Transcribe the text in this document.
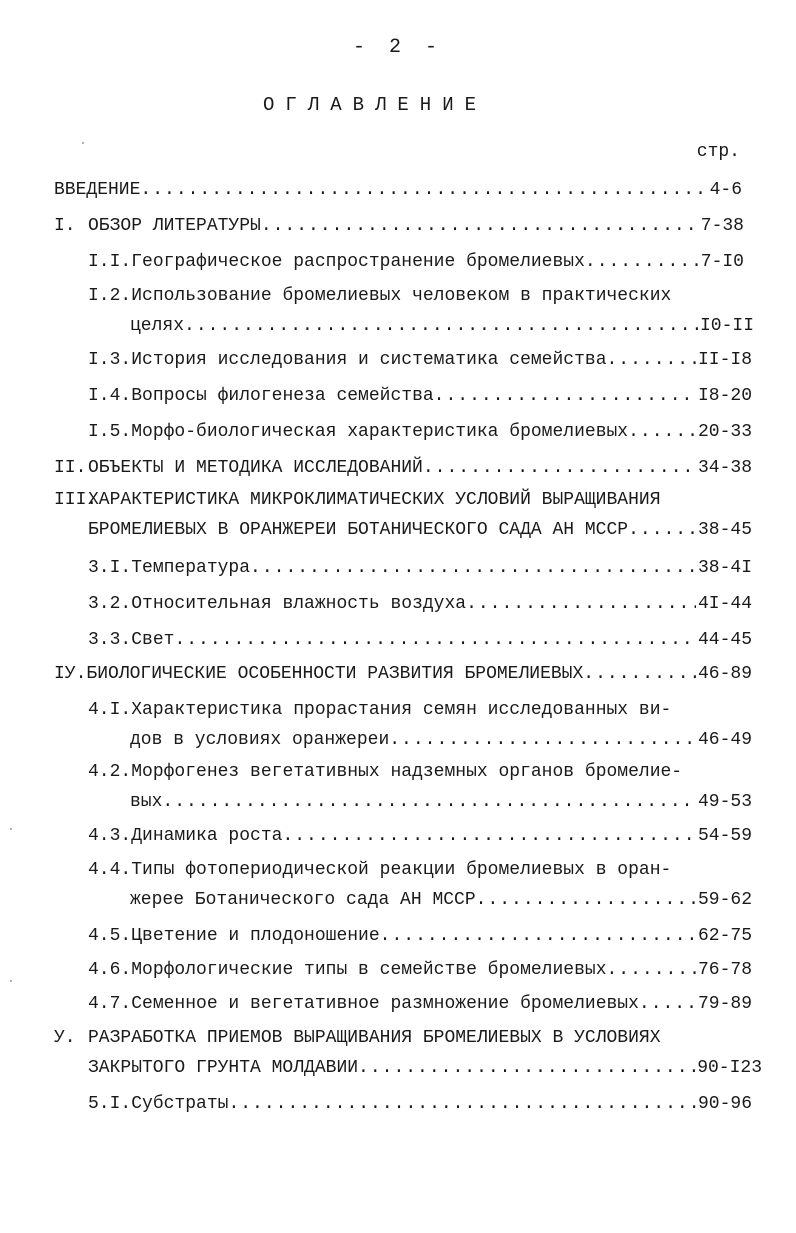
- 2 -
ОГЛАВЛЕНИЕ
стр.
ВВЕДЕНИЕ .....	4-6
I. ОБЗОР ЛИТЕРАТУРЫ .....	7-38
I.I. Географическое распространение бромелиевых .....	7-I0
I.2.Использование бромелиевых человеком в практических
целях .....	I0-II
I.3. История исследования и систематика семейства .....	II-I8
I.4. Вопросы филогенеза семейства .....	I8-20
I.5. Морфо-биологическая характеристика бромелиевых .....	20-33
II. ОБЪЕКТЫ И МЕТОДИКА ИССЛЕДОВАНИЙ .....	34-38
III.ХАРАКТЕРИСТИКА МИКРОКЛИМАТИЧЕСКИХ УСЛОВИЙ ВЫРАЩИВАНИЯ
БРОМЕЛИЕВЫХ В ОРАНЖЕРЕИ БОТАНИЧЕСКОГО САДА АН МССР .....	38-45
3.I. Температура .....	38-4I
3.2. Относительная влажность воздуха .....	4I-44
3.3. Свет .....	44-45
IУ. БИОЛОГИЧЕСКИЕ ОСОБЕННОСТИ РАЗВИТИЯ БРОМЕЛИЕВЫХ .....	46-89
4.I.Характеристика прорастания семян исследованных ви-
дов в условиях оранжереи .....	46-49
4.2.Морфогенез вегетативных надземных органов бромелие-
вых .....	49-53
4.3. Динамика роста .....	54-59
4.4.Типы фотопериодической реакции бромелиевых в оран-
жерее Ботанического сада АН МССР .....	59-62
4.5. Цветение и плодоношение .....	62-75
4.6. Морфологические типы в семействе бромелиевых .....	76-78
4.7. Семенное и вегетативное размножение бромелиевых .....	79-89
У. РАЗРАБОТКА ПРИЕМОВ ВЫРАЩИВАНИЯ БРОМЕЛИЕВЫХ В УСЛОВИЯХ
ЗАКРЫТОГО ГРУНТА МОЛДАВИИ .....	90-I23
5.I. Субстраты .....	90-96
